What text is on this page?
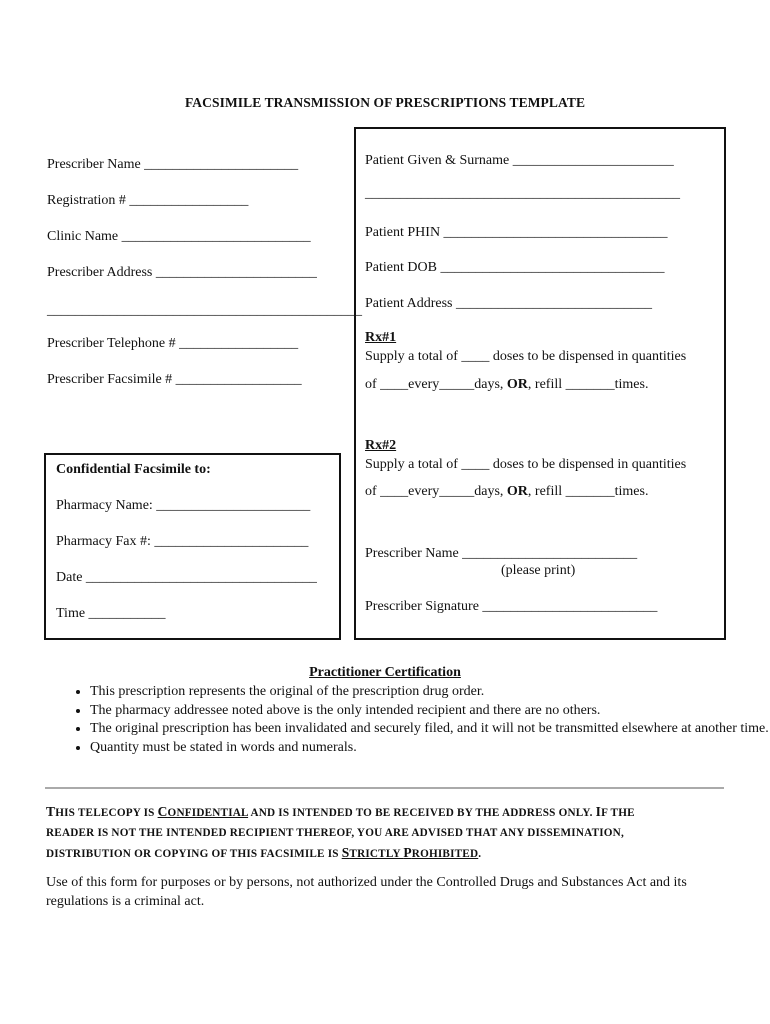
FACSIMILE TRANSMISSION OF PRESCRIPTIONS TEMPLATE
Prescriber Name ______________________
Registration # _________________
Clinic Name ___________________________
Prescriber Address _______________________
_____________________________________________
Prescriber Telephone # _________________
Prescriber Facsimile # __________________
Confidential Facsimile to:
Pharmacy Name: ______________________
Pharmacy Fax #: ______________________
Date _________________________________
Time ___________
Patient Given & Surname _______________________
_____________________________________________
Patient PHIN ________________________________
Patient DOB ________________________________
Patient Address ____________________________
Rx#1
Supply a total of ____ doses to be dispensed in quantities
of ____every_____days, OR, refill _______times.
Rx#2
Supply a total of ____ doses to be dispensed in quantities
of ____every_____days, OR, refill _______times.
Prescriber Name _________________________
(please print)
Prescriber Signature _________________________
Practitioner Certification
• This prescription represents the original of the prescription drug order.
• The pharmacy addressee noted above is the only intended recipient and there are no others.
• The original prescription has been invalidated and securely filed, and it will not be transmitted elsewhere at another time.
• Quantity must be stated in words and numerals.
THIS TELECOPY IS CONFIDENTIAL AND IS INTENDED TO BE RECEIVED BY THE ADDRESS ONLY. IF THE
READER IS NOT THE INTENDED RECIPIENT THEREOF, YOU ARE ADVISED THAT ANY DISSEMINATION,
DISTRIBUTION OR COPYING OF THIS FACSIMILE IS STRICTLY PROHIBITED.
Use of this form for purposes or by persons, not authorized under the Controlled Drugs and Substances Act and its regulations is a criminal act.
